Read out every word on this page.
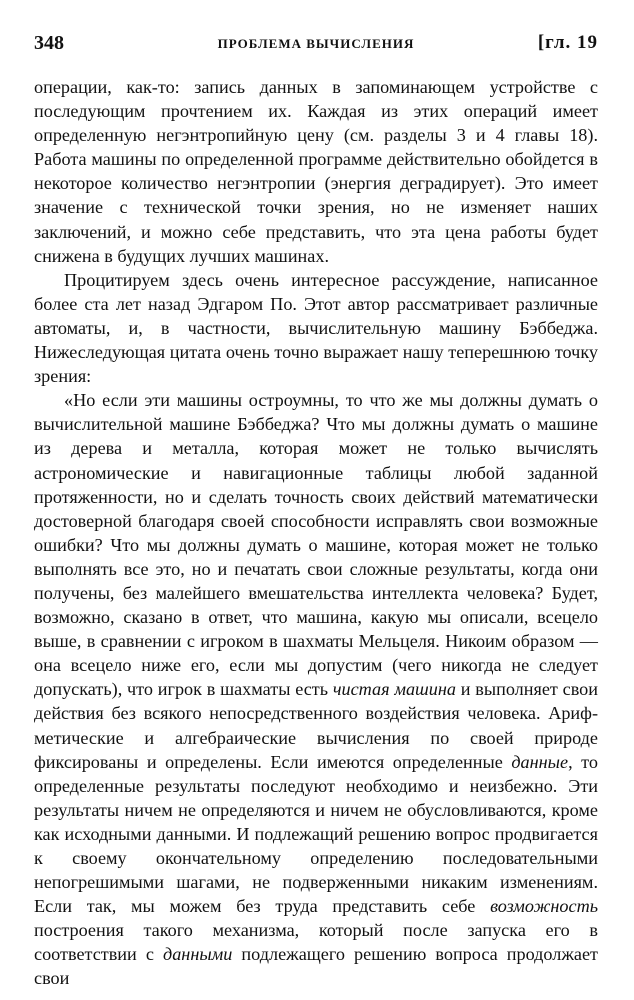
348	ПРОБЛЕМА ВЫЧИСЛЕНИЯ	[гл. 19

операции, как-то: запись данных в запоминающем устройстве с последующим прочтением их. Каждая из этих операций имеет определенную негэнтропийную цену (см. разделы 3 и 4 главы 18). Работа машины по определенной программе действительно обойдется в некоторое количество негэнтропии (энергия деградирует). Это имеет значение с технической точки зрения, но не изменяет наших заключений, и можно себе представить, что эта цена работы будет снижена в будущих лучших машинах.

Процитируем здесь очень интересное рассуждение, написанное более ста лет назад Эдгаром По. Этот автор рассматривает различные автоматы, и, в частности, вычислительную машину Бэббеджа. Нижеследующая цитата очень точно выражает нашу теперешнюю точку зрения:

«Но если эти машины остроумны, то что же мы должны думать о вычислительной машине Бэббеджа? Что мы должны думать о машине из дерева и металла, которая может не только вычислять астрономические и навигационные таблицы любой заданной протяженности, но и сделать точность своих действий математически достоверной благодаря своей способности исправлять свои возможные ошибки? Что мы должны думать о машине, которая может не только выполнять все это, но и печатать свои сложные результаты, когда они получены, без малейшего вмешательства интеллекта человека? Будет, возможно, сказано в ответ, что машина, какую мы описали, всецело выше, в сравнении с игроком в шахматы Мельцеля. Никоим образом — она всецело ниже его, если мы допустим (чего никогда не следует допускать), что игрок в шахматы есть чистая машина и выполняет свои действия без всякого непосредственного воздействия человека. Арифметические и алгебраические вычисления по своей природе фиксированы и определены. Если имеются определенные данные, то определенные результаты последуют необходимо и неизбежно. Эти результаты ничем не определяются и ничем не обусловливаются, кроме как исходными данными. И подлежащий решению вопрос продвигается к своему окончательному определению последовательными непогрешимыми шагами, не подверженными никаким изменениям. Если так, мы можем без труда представить себе возможность построения такого механизма, который после запуска его в соответствии с данными подлежащего решению вопроса продолжает свои
